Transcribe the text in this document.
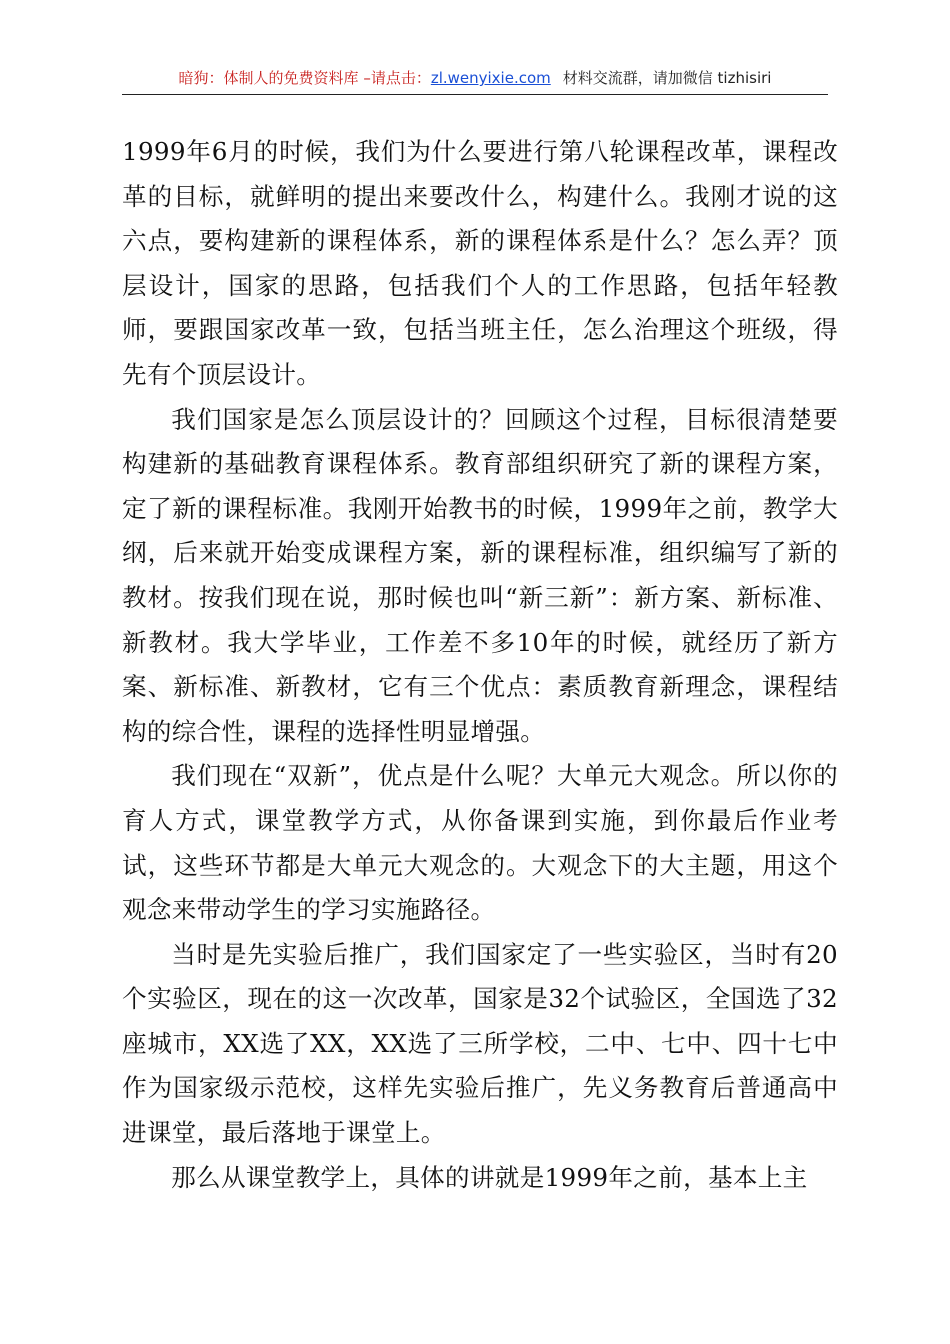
暗狗：体制人的免费资料库 –请点击：zl.wenyixie.com 材料交流群，请加微信 tizhisiri

1999年6月的时候，我们为什么要进行第八轮课程改革，课程改革的目标，就鲜明的提出来要改什么，构建什么。我刚才说的这六点，要构建新的课程体系，新的课程体系是什么？怎么弄？顶层设计，国家的思路，包括我们个人的工作思路，包括年轻教师，要跟国家改革一致，包括当班主任，怎么治理这个班级，得先有个顶层设计。

我们国家是怎么顶层设计的？回顾这个过程，目标很清楚要构建新的基础教育课程体系。教育部组织研究了新的课程方案，定了新的课程标准。我刚开始教书的时候，1999年之前，教学大纲，后来就开始变成课程方案，新的课程标准，组织编写了新的教材。按我们现在说，那时候也叫“新三新”：新方案、新标准、新教材。我大学毕业，工作差不多10年的时候，就经历了新方案、新标准、新教材，它有三个优点：素质教育新理念，课程结构的综合性，课程的选择性明显增强。

我们现在“双新”，优点是什么呢？大单元大观念。所以你的育人方式，课堂教学方式，从你备课到实施，到你最后作业考试，这些环节都是大单元大观念的。大观念下的大主题，用这个观念来带动学生的学习实施路径。

当时是先实验后推广，我们国家定了一些实验区，当时有20个实验区，现在的这一次改革，国家是32个试验区，全国选了32座城市，XX选了XX，XX选了三所学校，二中、七中、四十七中作为国家级示范校，这样先实验后推广，先义务教育后普通高中进课堂，最后落地于课堂上。

那么从课堂教学上，具体的讲就是1999年之前，基本上主
